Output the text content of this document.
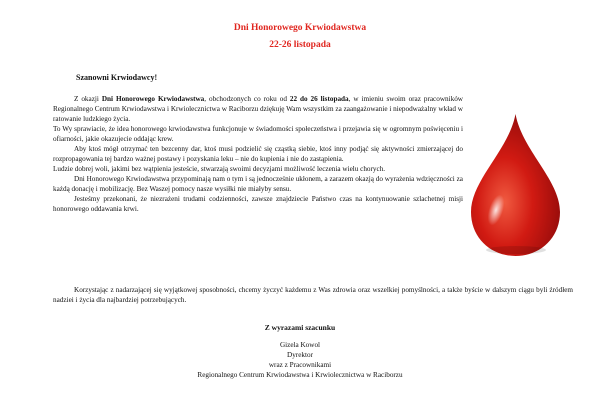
Dni Honorowego Krwiodawstwa
22-26 listopada
Szanowni Krwiodawcy!

Z okazji Dni Honorowego Krwiodawstwa, obchodzonych co roku od 22 do 26 listopada, w imieniu swoim oraz pracowników Regionalnego Centrum Krwiodawstwa i Krwiolecznictwa w Raciborzu dziękuję Wam wszystkim za zaangażowanie i niepodważalny wkład w ratowanie ludzkiego życia.

To Wy sprawiacie, że idea honorowego krwiodawstwa funkcjonuje w świadomości społeczeństwa i przejawia się w ogromnym poświęceniu i ofiarności, jakie okazujecie oddając krew.

Aby ktoś mógł otrzymać ten bezcenny dar, ktoś musi podzielić się cząstką siebie, ktoś inny podjąć się aktywności zmierzającej do rozpropagowania tej bardzo ważnej postawy i pozyskania leku – nie do kupienia i nie do zastąpienia.

Ludzie dobrej woli, jakimi bez wątpienia jesteście, stwarzają swoimi decyzjami możliwość leczenia wielu chorych.

Dni Honorowego Krwiodawstwa przypominają nam o tym i są jednocześnie ukłonem, a zarazem okazją do wyrażenia wdzięczności za każdą donację i mobilizację. Bez Waszej pomocy nasze wysiłki nie miałyby sensu.

Jesteśmy przekonani, że niezrażeni trudami codzienności, zawsze znajdziecie Państwo czas na kontynuowanie szlachetnej misji honorowego oddawania krwi.

Korzystając z nadarzającej się wyjątkowej sposobności, chcemy życzyć każdemu z Was zdrowia oraz wszelkiej pomyślności, a także byście w dalszym ciągu byli źródłem nadziei i życia dla najbardziej potrzebujących.

Z wyrazami szacunku
Gizela Kowol
Dyrektor
wraz z Pracownikami
Regionalnego Centrum Krwiodawstwa i Krwiolecznictwa w Raciborzu
